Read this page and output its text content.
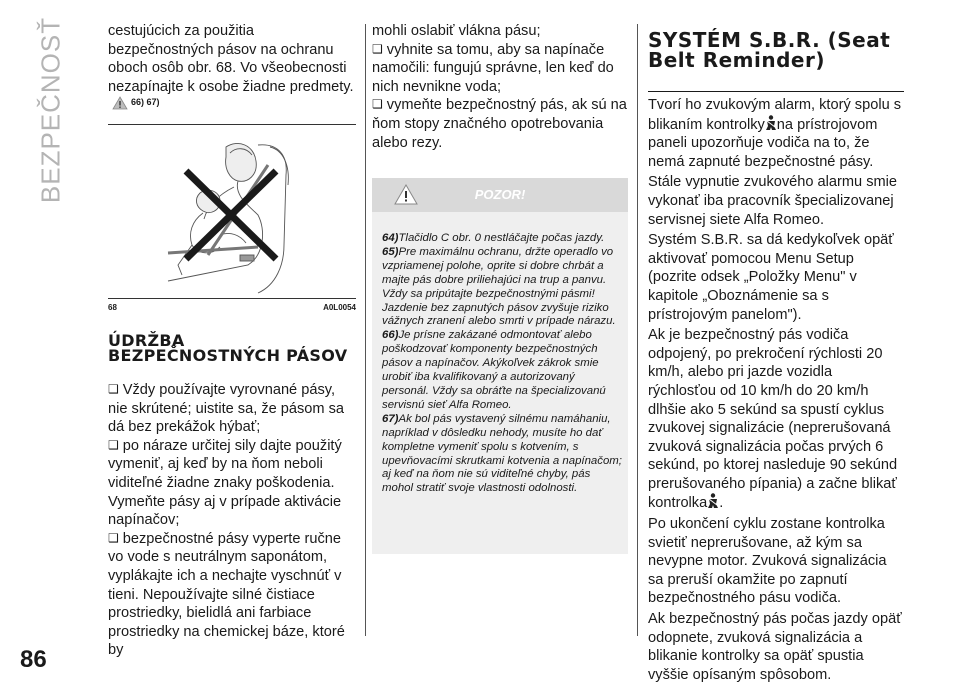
BEZPEČNOSŤ
86

cestujúcich za použitia bezpečnostných pásov na ochranu oboch osôb obr. 68. Vo všeobecnosti nezapínajte k osobe žiadne predmety. $^{66) 67)}$

68	A0L0054
ÚDRŽBA BEZPEČNOSTNÝCH PÁSOV

❑ Vždy používajte vyrovnané pásy, nie skrútené; uistite sa, že pásom sa dá bez prekážok hýbať;

❑ po náraze určitej sily dajte použitý vymeniť, aj keď by na ňom neboli viditeľné žiadne znaky poškodenia. Vymeňte pásy aj v prípade aktivácie napínačov;

❑ bezpečnostné pásy vyperte ručne vo vode s neutrálnym saponátom, vyplákajte ich a nechajte vyschnúť v tieni. Nepoužívajte silné čistiace prostriedky, bielidlá ani farbiace prostriedky na chemickej báze, ktoré by

mohli oslabiť vlákna pásu;

❑ vyhnite sa tomu, aby sa napínače namočili: fungujú správne, len keď do nich nevnikne voda;

❑ vymeňte bezpečnostný pás, ak sú na ňom stopy značného opotrebovania alebo rezy.

POZOR!

64)Tlačidlo C obr. 0 nestláčajte počas jazdy.

65)Pre maximálnu ochranu, držte operadlo vo vzpriamenej polohe, oprite si dobre chrbát a majte pás dobre priliehajúci na trup a panvu. Vždy sa pripútajte bezpečnostnými pásmi! Jazdenie bez zapnutých pásov zvyšuje riziko vážnych zranení alebo smrti v prípade nárazu.

66)Je prísne zakázané odmontovať alebo poškodzovať komponenty bezpečnostných pásov a napínačov. Akýkoľvek zákrok smie urobiť iba kvalifikovaný a autorizovaný personál. Vždy sa obráťte na špecializovanú servisnú sieť Alfa Romeo.

67)Ak bol pás vystavený silnému namáhaniu, napríklad v dôsledku nehody, musíte ho dať kompletne vymeniť spolu s kotvením, s upevňovacími skrutkami kotvenia a napínačom; aj keď na ňom nie sú viditeľné chyby, pás mohol stratiť svoje vlastnosti odolnosti.

SYSTÉM S.B.R. (Seat Belt Reminder)

Tvorí ho zvukovým alarm, ktorý spolu s blikaním kontrolky na prístrojovom paneli upozorňuje vodiča na to, že nemá zapnuté bezpečnostné pásy.

Stále vypnutie zvukového alarmu smie vykonať iba pracovník špecializovanej servisnej siete Alfa Romeo.

Systém S.B.R. sa dá kedykoľvek opäť aktivovať pomocou Menu Setup (pozrite odsek „Položky Menu" v kapitole „Oboznámenie sa s prístrojovým panelom").

Ak je bezpečnostný pás vodiča odpojený, po prekročení rýchlosti 20 km/h, alebo pri jazde vozidla rýchlosťou od 10 km/h do 20 km/h dlhšie ako 5 sekúnd sa spustí cyklus zvukovej signalizácie (neprerušovaná zvuková signalizácia počas prvých 6 sekúnd, po ktorej nasleduje 90 sekúnd prerušovaného pípania) a začne blikať kontrolka .

Po ukončení cyklu zostane kontrolka svietiť neprerušovane, až kým sa nevypne motor. Zvuková signalizácia sa preruší okamžite po zapnutí bezpečnostného pásu vodiča.

Ak bezpečnostný pás počas jazdy opäť odopnete, zvuková signalizácia a blikanie kontrolky sa opäť spustia vyššie opísaným spôsobom.
